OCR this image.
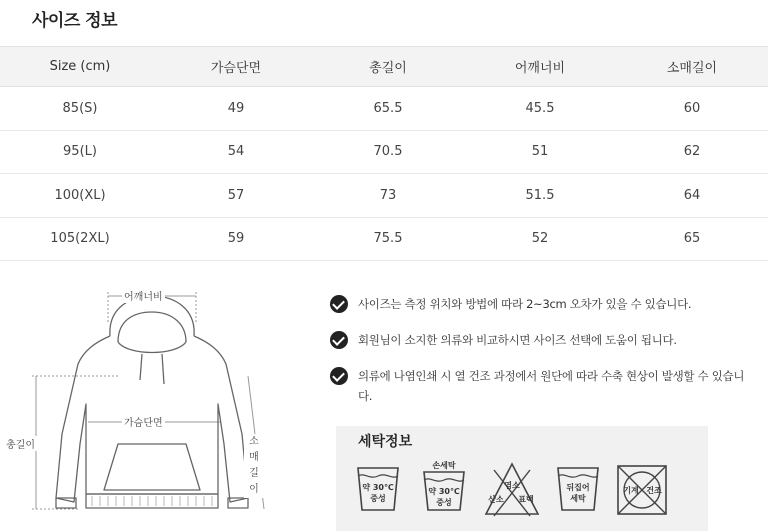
사이즈 정보
Size (cm)	가슴단면	총길이	어깨너비	소매길이
85(S)	49	65.5	45.5	60
95(L)	54	70.5	51	62
100(XL)	57	73	51.5	64
105(2XL)	59	75.5	52	65
어깨너비
가슴단면
총길이	소매길이
사이즈는 측정 위치와 방법에 따라 2~3cm 오차가 있을 수 있습니다.
회원님이 소지한 의류와 비교하시면 사이즈 선택에 도움이 됩니다.
의류에 나염인쇄 시 열 건조 과정에서 원단에 따라 수축 현상이 발생할 수 있습니다.
세탁정보
약 30℃
중성
손세탁
약 30℃
중성
염소
산소 표백
뒤집어
세탁
기계 건조
